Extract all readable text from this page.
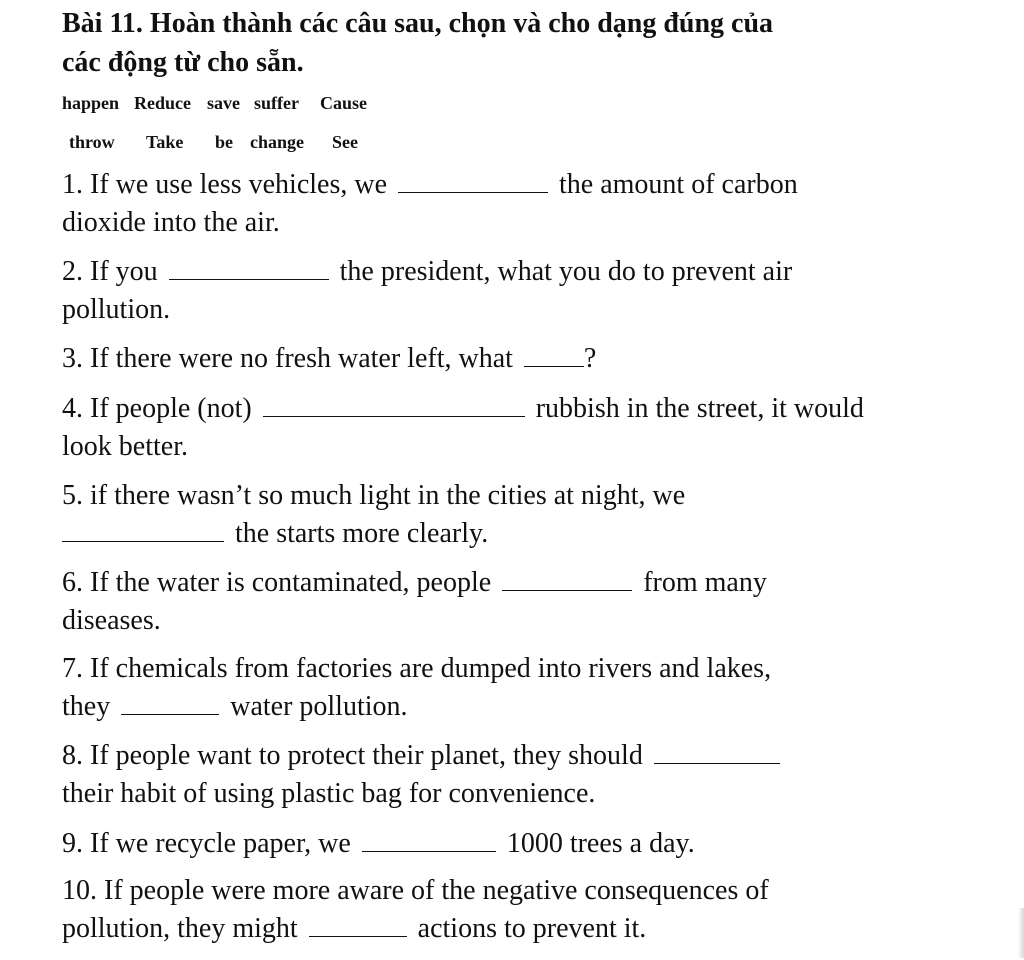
Bài 11. Hoàn thành các câu sau, chọn và cho dạng đúng của
các động từ cho sẵn.
happen Reduce save suffer Cause
throw Take be change See
1. If we use less vehicles, we	the amount of carbon
dioxide into the air.
2. If you	the president, what you do to prevent air
pollution.
3. If there were no fresh water left, what	?
4. If people (not)	rubbish in the street, it would
look better.
5. if there wasn’t so much light in the cities at night, we
the starts more clearly.
6. If the water is contaminated, people	from many
diseases.
7. If chemicals from factories are dumped into rivers and lakes,
they	water pollution.
8. If people want to protect their planet, they should
their habit of using plastic bag for convenience.
9. If we recycle paper, we	1000 trees a day.
10. If people were more aware of the negative consequences of
pollution, they might	actions to prevent it.
